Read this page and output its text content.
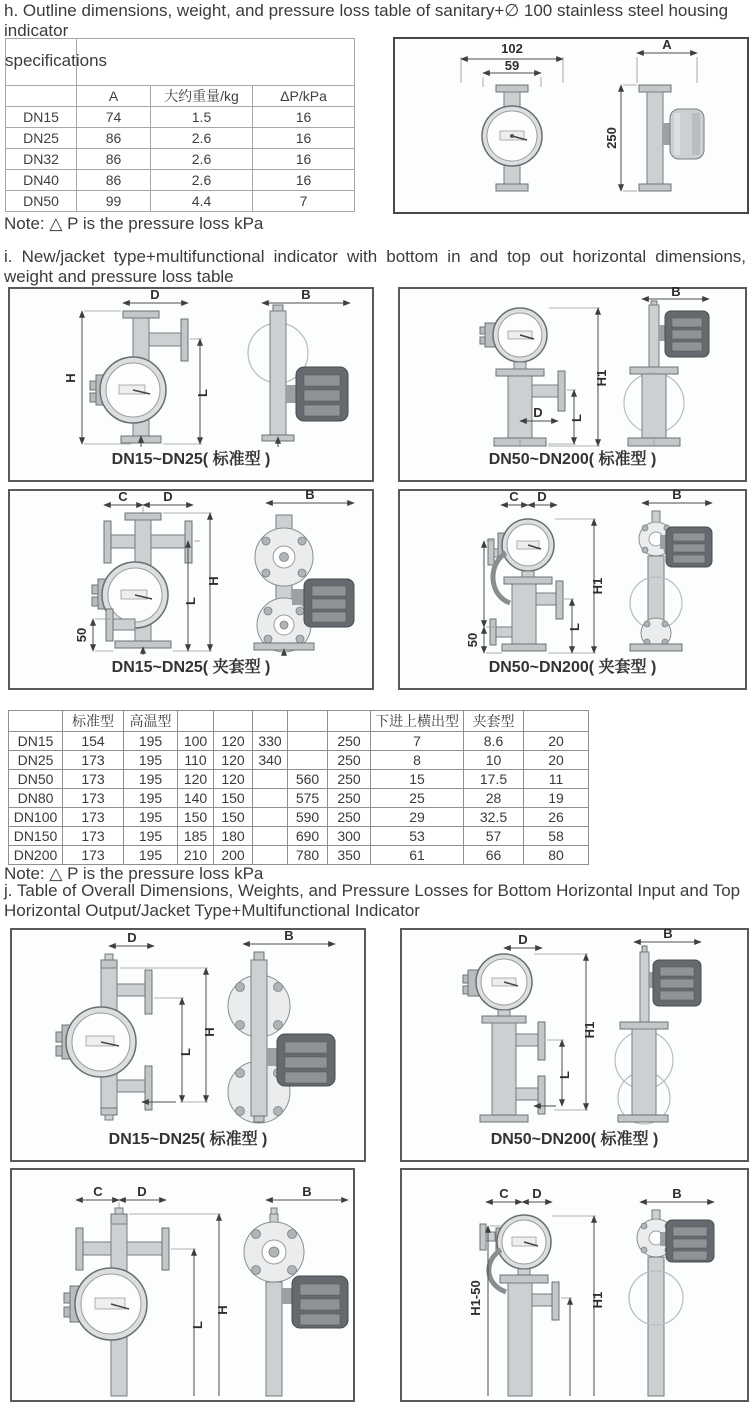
h. Outline dimensions, weight, and pressure loss table of sanitary+∅ 100 stainless steel housing indicator
specifications			

	A	大约重量/kg	ΔP/kPa
DN15	74	1.5	16
DN25	86	2.6	16
DN32	86	2.6	16
DN40	86	2.6	16
DN50	99	4.4	7
102
59
A
250
Note: △ P is the pressure loss kPa
i. New/jacket type+multifunctional indicator with bottom in and top out horizontal dimensions, weight and pressure loss table
D
H
L
B
DN15~DN25( 标准型 )
D L
H1
B
DN50~DN200( 标准型 )
C	D
H
L
50
B
DN15~DN25( 夹套型 )
C D
H1
L
50
B
DN50~DN200( 夹套型 )
	标准型	高温型						下进上横出型	夹套型	
DN15	154	195	100	120	330		250	7	8.6	20
DN25	173	195	110	120	340		250	8	10	20
DN50	173	195	120	120		560	250	15	17.5	11
DN80	173	195	140	150		575	250	25	28	19
DN100	173	195	150	150		590	250	29	32.5	26
DN150	173	195	185	180		690	300	53	57	58
DN200	173	195	210	200		780	350	61	66	80
Note: △ P is the pressure loss kPa
j. Table of Overall Dimensions, Weights, and Pressure Losses for Bottom Horizontal Input and Top Horizontal Output/Jacket Type+Multifunctional Indicator
D
H
L
B
DN15~DN25( 标准型 )
D
H1
L
B
DN50~DN200( 标准型 )
C	D
H
L
B	C D
H1-50	H1
B
